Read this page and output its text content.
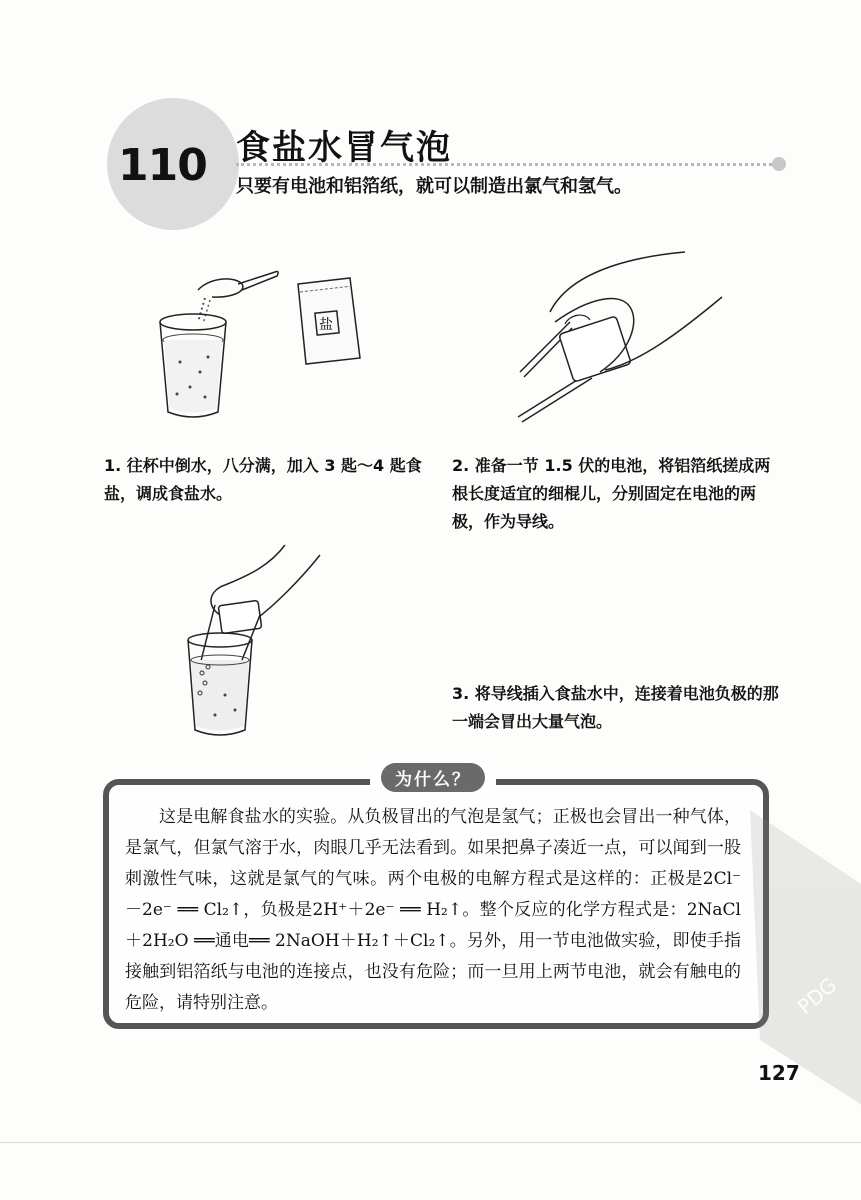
110 食盐水冒气泡
只要有电池和铝箔纸，就可以制造出氯气和氢气。
盐
1. 往杯中倒水，八分满，加入 3 匙～4 匙食盐，调成食盐水。
2. 准备一节 1.5 伏的电池，将铝箔纸搓成两根长度适宜的细棍儿，分别固定在电池的两极，作为导线。
3. 将导线插入食盐水中，连接着电池负极的那一端会冒出大量气泡。
为什么？

这是电解食盐水的实验。从负极冒出的气泡是氢气；正极也会冒出一种气体，是氯气，但氯气溶于水，肉眼几乎无法看到。如果把鼻子凑近一点，可以闻到一股刺激性气味，这就是氯气的气味。两个电极的电解方程式是这样的：正极是2Cl⁻－2e⁻ ══ Cl₂↑，负极是2H⁺＋2e⁻ ══ H₂↑。整个反应的化学方程式是：2NaCl＋2H₂O ══通电══ 2NaOH＋H₂↑＋Cl₂↑。另外，用一节电池做实验，即使手指接触到铝箔纸与电池的连接点，也没有危险；而一旦用上两节电池，就会有触电的危险，请特别注意。	PDG
127
